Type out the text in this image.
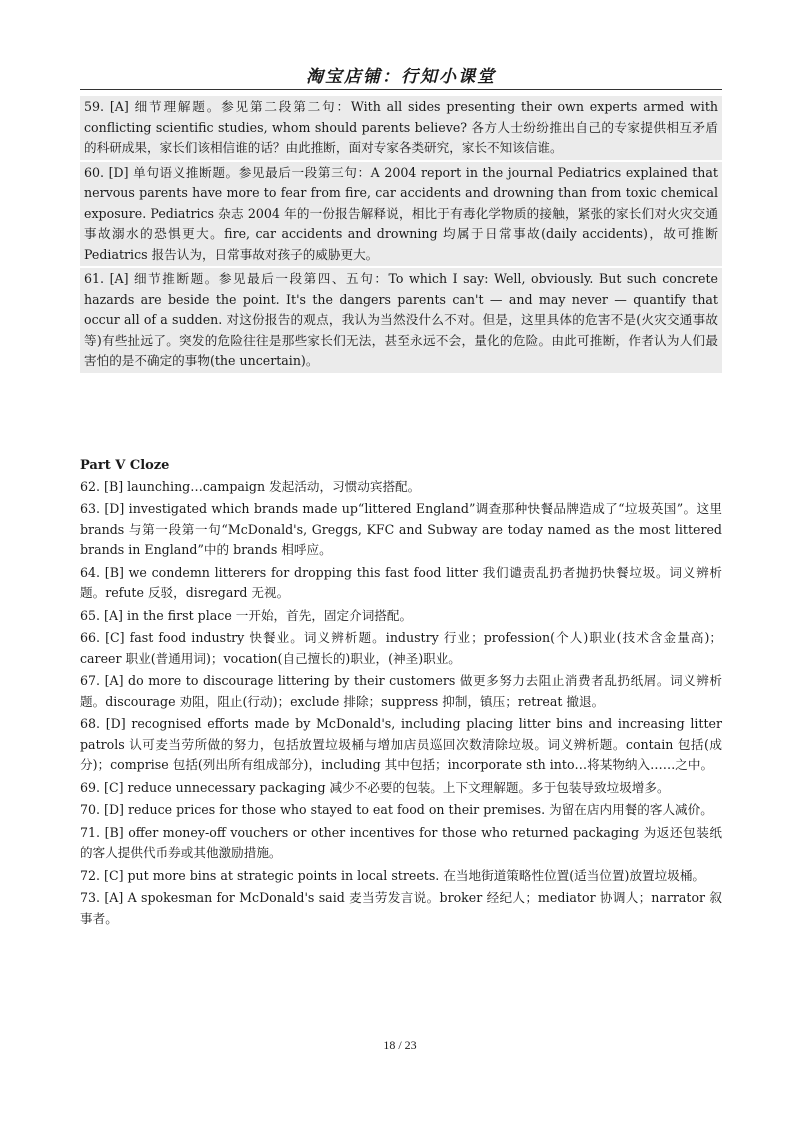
淘宝店铺：行知小课堂

59. [A] 细节理解题。参见第二段第二句：With all sides presenting their own experts armed with conflicting scientific studies, whom should parents believe? 各方人士纷纷推出自己的专家提供相互矛盾的科研成果，家长们该相信谁的话？由此推断，面对专家各类研究，家长不知该信谁。

60. [D] 单句语义推断题。参见最后一段第三句：A 2004 report in the journal Pediatrics explained that nervous parents have more to fear from fire, car accidents and drowning than from toxic chemical exposure. Pediatrics 杂志 2004 年的一份报告解释说，相比于有毒化学物质的接触，紧张的家长们对火灾交通事故溺水的恐惧更大。fire, car accidents and drowning 均属于日常事故(daily accidents)，故可推断 Pediatrics 报告认为，日常事故对孩子的威胁更大。

61. [A] 细节推断题。参见最后一段第四、五句：To which I say: Well, obviously. But such concrete hazards are beside the point. It's the dangers parents can't — and may never — quantify that occur all of a sudden. 对这份报告的观点，我认为当然没什么不对。但是，这里具体的危害不是(火灾交通事故等)有些扯远了。突发的危险往往是那些家长们无法，甚至永远不会，量化的危险。由此可推断，作者认为人们最害怕的是不确定的事物(the uncertain)。

Part Ⅴ Cloze

62. [B] launching…campaign 发起活动，习惯动宾搭配。

63. [D] investigated which brands made up“littered England”调查那种快餐品牌造成了“垃圾英国”。这里 brands 与第一段第一句“McDonald's, Greggs, KFC and Subway are today named as the most littered brands in England”中的 brands 相呼应。

64. [B] we condemn litterers for dropping this fast food litter 我们谴责乱扔者抛扔快餐垃圾。词义辨析题。refute 反驳，disregard 无视。

65. [A] in the first place 一开始，首先，固定介词搭配。

66. [C] fast food industry 快餐业。词义辨析题。industry 行业；profession(个人)职业(技术含金量高)；career 职业(普通用词)；vocation(自己擅长的)职业，(神圣)职业。

67. [A] do more to discourage littering by their customers 做更多努力去阻止消费者乱扔纸屑。词义辨析题。discourage 劝阻，阻止(行动)；exclude 排除；suppress 抑制，镇压；retreat 撤退。

68. [D] recognised efforts made by McDonald's, including placing litter bins and increasing litter patrols 认可麦当劳所做的努力，包括放置垃圾桶与增加店员巡回次数清除垃圾。词义辨析题。contain 包括(成分)；comprise 包括(列出所有组成部分)，including 其中包括；incorporate sth into…将某物纳入……之中。

69. [C] reduce unnecessary packaging 减少不必要的包装。上下文理解题。多于包装导致垃圾增多。

70. [D] reduce prices for those who stayed to eat food on their premises. 为留在店内用餐的客人减价。

71. [B] offer money-off vouchers or other incentives for those who returned packaging 为返还包装纸的客人提供代币券或其他激励措施。

72. [C] put more bins at strategic points in local streets. 在当地街道策略性位置(适当位置)放置垃圾桶。

73. [A] A spokesman for McDonald's said 麦当劳发言说。broker 经纪人；mediator 协调人；narrator 叙事者。

18 / 23
